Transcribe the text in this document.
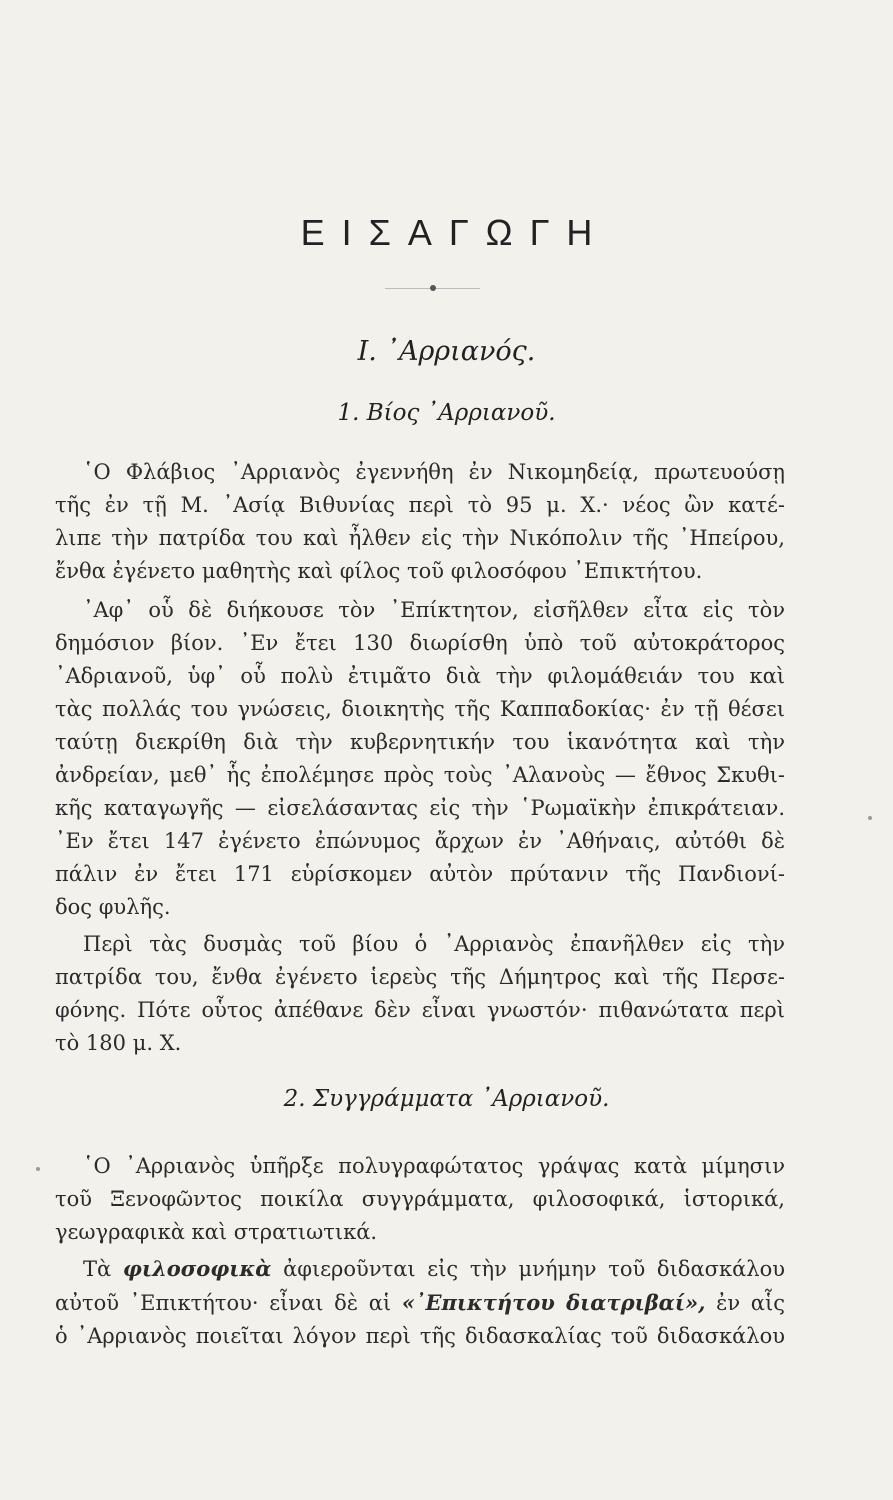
ΕΙΣΑΓΩΓΗ
I. ᾿Αρριανός.
1. Βίος ᾿Αρριανοῦ.
῾Ο Φλάβιος ᾿Αρριανὸς ἐγεννήθη ἐν Νικομηδείᾳ, πρωτευούσῃ
τῆς ἐν τῇ Μ. ᾿Ασίᾳ Βιθυνίας περὶ τὸ 95 μ. Χ.· νέος ὢν κατέ-
λιπε τὴν πατρίδα του καὶ ἦλθεν εἰς τὴν Νικόπολιν τῆς ᾿Ηπείρου,
ἔνθα ἐγένετο μαθητὴς καὶ φίλος τοῦ φιλοσόφου ᾿Επικτήτου.
᾿Αφ᾿ οὗ δὲ διήκουσε τὸν ᾿Επίκτητον, εἰσῆλθεν εἶτα εἰς τὸν
δημόσιον βίον. ᾿Εν ἔτει 130 διωρίσθη ὑπὸ τοῦ αὐτοκράτορος
᾿Αδριανοῦ, ὑφ᾿ οὗ πολὺ ἐτιμᾶτο διὰ τὴν φιλομάθειάν του καὶ
τὰς πολλάς του γνώσεις, διοικητὴς τῆς Καππαδοκίας· ἐν τῇ θέσει
ταύτῃ διεκρίθη διὰ τὴν κυβερνητικήν του ἱκανότητα καὶ τὴν
ἀνδρείαν, μεθ᾿ ἧς ἐπολέμησε πρὸς τοὺς ᾿Αλανοὺς — ἔθνος Σκυθι-
κῆς καταγωγῆς — εἰσελάσαντας εἰς τὴν ῾Ρωμαϊκὴν ἐπικράτειαν.
᾿Εν ἔτει 147 ἐγένετο ἐπώνυμος ἄρχων ἐν ᾿Αθήναις, αὐτόθι δὲ
πάλιν ἐν ἔτει 171 εὑρίσκομεν αὐτὸν πρύτανιν τῆς Πανδιονί-
δος φυλῆς.
Περὶ τὰς δυσμὰς τοῦ βίου ὁ ᾿Αρριανὸς ἐπανῆλθεν εἰς τὴν
πατρίδα του, ἔνθα ἐγένετο ἱερεὺς τῆς Δήμητρος καὶ τῆς Περσε-
φόνης. Πότε οὗτος ἀπέθανε δὲν εἶναι γνωστόν· πιθανώτατα περὶ
τὸ 180 μ. Χ.
2. Συγγράμματα ᾿Αρριανοῦ.
῾Ο ᾿Αρριανὸς ὑπῆρξε πολυγραφώτατος γράψας κατὰ μίμησιν
τοῦ Ξενοφῶντος ποικίλα συγγράμματα, φιλοσοφικά, ἱστορικά,
γεωγραφικὰ καὶ στρατιωτικά.
Τὰ φιλοσοφικὰ ἀφιεροῦνται εἰς τὴν μνήμην τοῦ διδασκάλου
αὐτοῦ ᾿Επικτήτου· εἶναι δὲ αἱ «᾿Επικτήτου διατριβαί», ἐν αἷς
ὁ ᾿Αρριανὸς ποιεῖται λόγον περὶ τῆς διδασκαλίας τοῦ διδασκάλου
